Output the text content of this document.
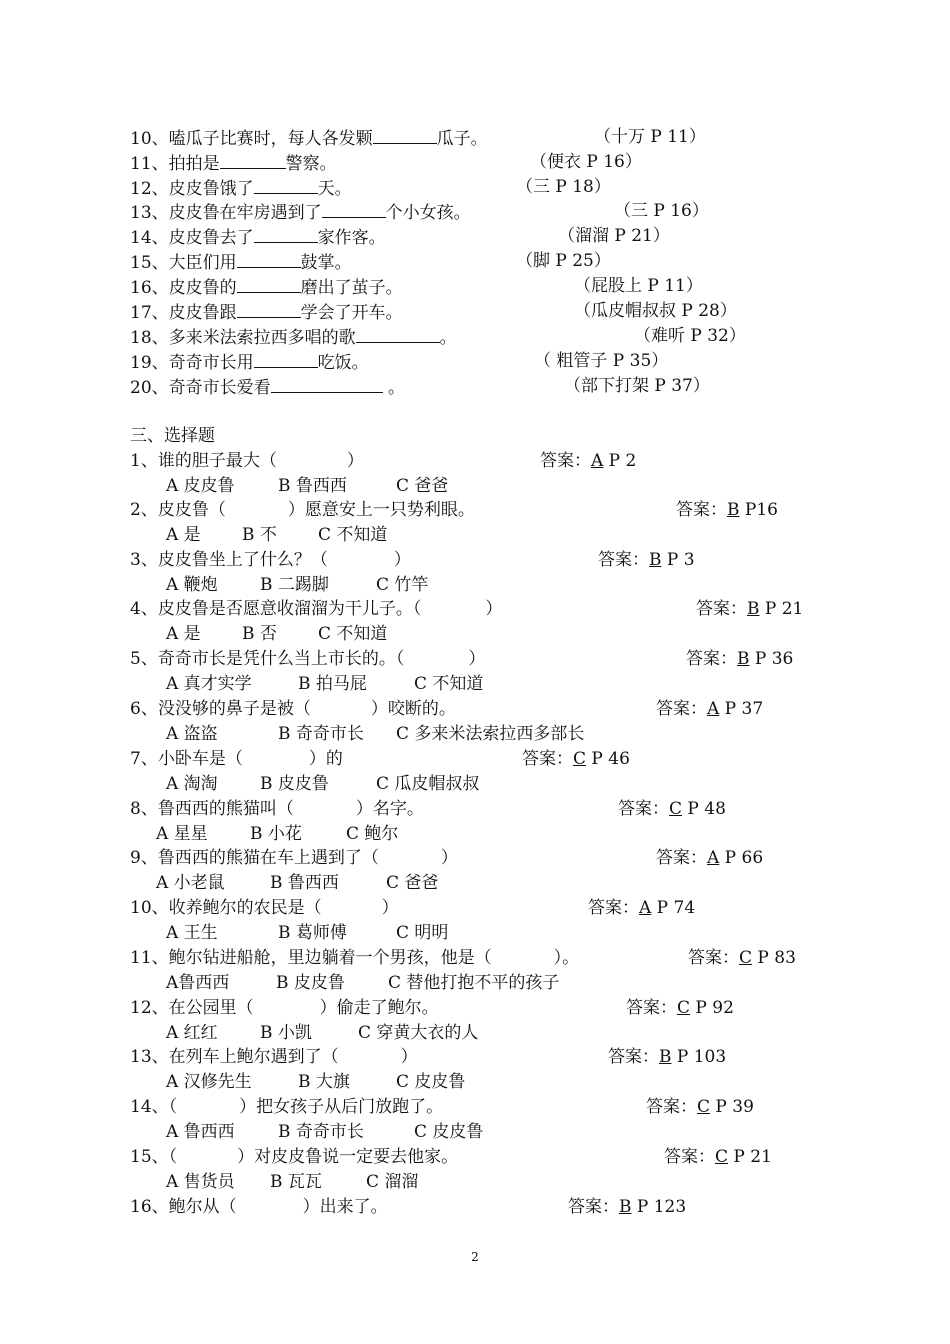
10、嗑瓜子比赛时，每人各发颗	瓜子。	（十万 P 11）
11、拍拍是	警察。	（便衣 P 16）
12、皮皮鲁饿了	天。	（三 P 18）
13、皮皮鲁在牢房遇到了	个小女孩。	（三 P 16）
14、皮皮鲁去了	家作客。	（溜溜 P 21）
15、大臣们用	鼓掌。	（脚 P 25）
16、皮皮鲁的	磨出了茧子。	（屁股上 P 11）
17、皮皮鲁跟	学会了开车。	（瓜皮帽叔叔 P 28）
18、多来米法索拉西多唱的歌	。	（难听 P 32）
19、奇奇市长用	吃饭。	（ 粗管子 P 35）
20、奇奇市长爱看	。	（部下打架 P 37）
三、选择题
1、谁的胆子最大（	）	答案：A P 2
A 皮皮鲁	B 鲁西西	C 爸爸
2、皮皮鲁（	）愿意安上一只势利眼。	答案：B P16
A 是 B 不 C 不知道
3、皮皮鲁坐上了什么？（	）	答案：B P 3
A 鞭炮 B 二踢脚	C 竹竿
4、皮皮鲁是否愿意收溜溜为干儿子。（	）	答案：B P 21
A 是 B 否 C 不知道
5、奇奇市长是凭什么当上市长的。（	）	答案：B P 36
A 真才实学	B 拍马屁	C 不知道
6、没没够的鼻子是被（	）咬断的。	答案：A P 37
A 盗盗	B 奇奇市长 C 多来米法索拉西多部长
7、小卧车是（	）的	答案：C P 46
A 淘淘 B 皮皮鲁	C 瓜皮帽叔叔
8、鲁西西的熊猫叫（	）名字。	答案：C P 48
A 星星 B 小花	C 鲍尔
9、鲁西西的熊猫在车上遇到了（	）	答案：A P 66
A 小老鼠	B 鲁西西	C 爸爸
10、收养鲍尔的农民是（	）	答案：A P 74
A 王生	B 葛师傅	C 明明
11、鲍尔钻进船舱，里边躺着一个男孩，他是（	）。	答案：C P 83
A鲁西西	B 皮皮鲁	C 替他打抱不平的孩子
12、在公园里（	）偷走了鲍尔。	答案：C P 92
A 红红 B 小凯	C 穿黄大衣的人
13、在列车上鲍尔遇到了（	）	答案：B P 103
A 汉修先生	B 大旗	C 皮皮鲁
14、（	）把女孩子从后门放跑了。	答案：C P 39
A 鲁西西	B 奇奇市长	C 皮皮鲁
15、（	）对皮皮鲁说一定要去他家。	答案：C P 21
A 售货员 B 瓦瓦	C 溜溜
16、鲍尔从（	）出来了。	答案：B P 123
2
